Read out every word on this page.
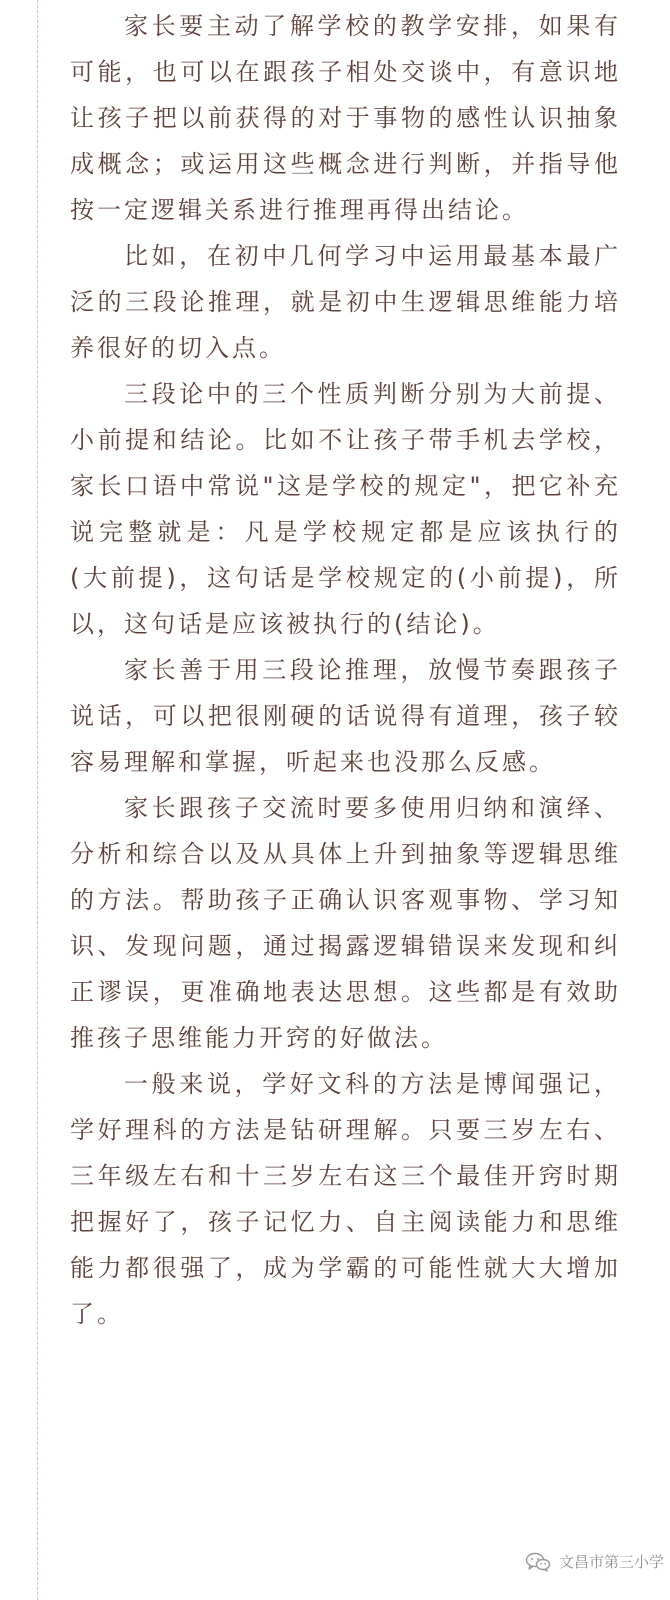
家长要主动了解学校的教学安排，如果有可能，也可以在跟孩子相处交谈中，有意识地让孩子把以前获得的对于事物的感性认识抽象成概念；或运用这些概念进行判断，并指导他按一定逻辑关系进行推理再得出结论。

比如，在初中几何学习中运用最基本最广泛的三段论推理，就是初中生逻辑思维能力培养很好的切入点。

三段论中的三个性质判断分别为大前提、小前提和结论。比如不让孩子带手机去学校，家长口语中常说"这是学校的规定"，把它补充说完整就是：凡是学校规定都是应该执行的(大前提)，这句话是学校规定的(小前提)，所以，这句话是应该被执行的(结论)。

家长善于用三段论推理，放慢节奏跟孩子说话，可以把很刚硬的话说得有道理，孩子较容易理解和掌握，听起来也没那么反感。

家长跟孩子交流时要多使用归纳和演绎、分析和综合以及从具体上升到抽象等逻辑思维的方法。帮助孩子正确认识客观事物、学习知识、发现问题，通过揭露逻辑错误来发现和纠正谬误，更准确地表达思想。这些都是有效助推孩子思维能力开窍的好做法。

一般来说，学好文科的方法是博闻强记，学好理科的方法是钻研理解。只要三岁左右、三年级左右和十三岁左右这三个最佳开窍时期把握好了，孩子记忆力、自主阅读能力和思维能力都很强了，成为学霸的可能性就大大增加了。

文昌市第三小学
